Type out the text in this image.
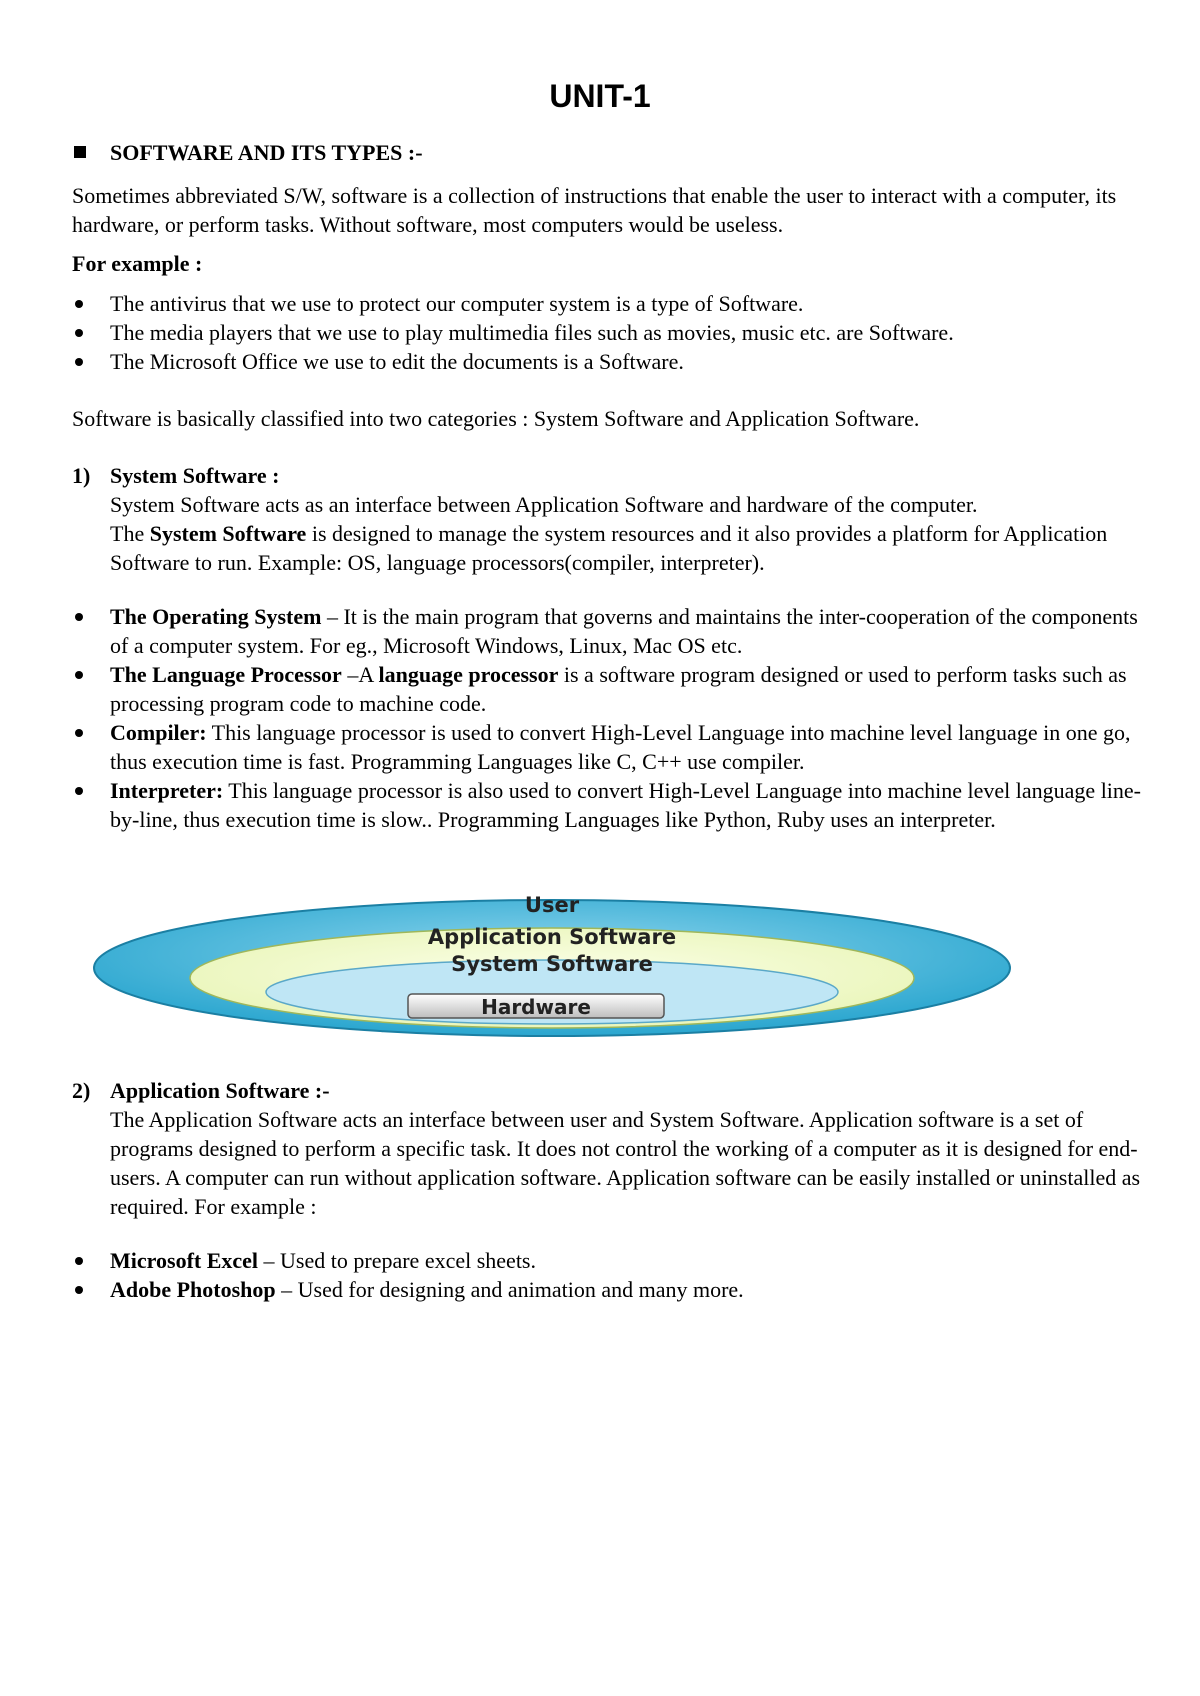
UNIT-1
SOFTWARE AND ITS TYPES :-

Sometimes abbreviated S/W, software is a collection of instructions that enable the user to interact with a computer, its hardware, or perform tasks. Without software, most computers would be useless.

For example :

The antivirus that we use to protect our computer system is a type of Software.
The media players that we use to play multimedia files such as movies, music etc. are Software.
The Microsoft Office we use to edit the documents is a Software.

Software is basically classified into two categories : System Software and Application Software.

1) System Software :

System Software acts as an interface between Application Software and hardware of the computer.

The System Software is designed to manage the system resources and it also provides a platform for Application Software to run. Example: OS, language processors(compiler, interpreter).

The Operating System – It is the main program that governs and maintains the inter-cooperation of the components of a computer system. For eg., Microsoft Windows, Linux, Mac OS etc.
The Language Processor –A language processor is a software program designed or used to perform tasks such as processing program code to machine code.
Compiler: This language processor is used to convert High-Level Language into machine level language in one go, thus execution time is fast. Programming Languages like C, C++ use compiler.
Interpreter: This language processor is also used to convert High-Level Language into machine level language line-by-line, thus execution time is slow.. Programming Languages like Python, Ruby uses an interpreter.
User
Application Software
System Software
Hardware
2) Application Software :-

The Application Software acts an interface between user and System Software. Application software is a set of programs designed to perform a specific task. It does not control the working of a computer as it is designed for end-users. A computer can run without application software. Application software can be easily installed or uninstalled as required. For example :

Microsoft Excel – Used to prepare excel sheets.
Adobe Photoshop – Used for designing and animation and many more.
